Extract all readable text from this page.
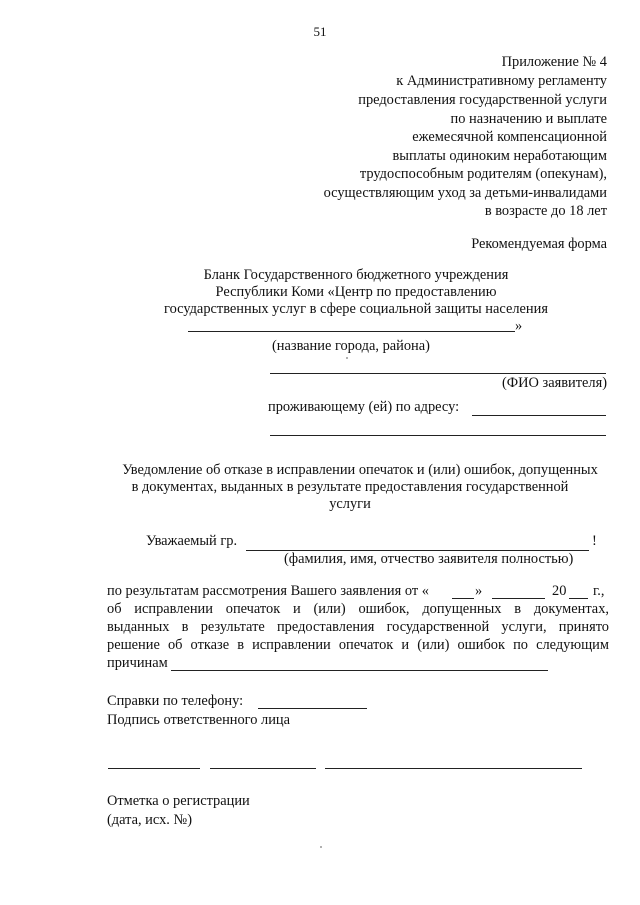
51
Приложение № 4
к Административному регламенту
предоставления государственной услуги
по назначению и выплате
ежемесячной компенсационной
выплаты одиноким неработающим
трудоспособным родителям (опекунам),
осуществляющим уход за детьми-инвалидами
в возрасте до 18 лет
Рекомендуемая форма
Бланк Государственного бюджетного учреждения
Республики Коми «Центр по предоставлению
государственных услуг в сфере социальной защиты населения
»
(название города, района)
(ФИО заявителя)
проживающему (ей) по адресу:
Уведомление об отказе в исправлении опечаток и (или) ошибок, допущенных
в документах, выданных в результате предоставления государственной
услуги
Уважаемый гр.	!
(фамилия, имя, отчество заявителя полностью)
по результатам рассмотрения Вашего заявления от «	»	20 г.,
об исправлении опечаток и (или) ошибок, допущенных в документах,
выданных в результате предоставления государственной услуги, принято
решение об отказе в исправлении опечаток и (или) ошибок по следующим
причинам
Справки по телефону:
Подпись ответственного лица
Отметка о регистрации
(дата, исх. №)
